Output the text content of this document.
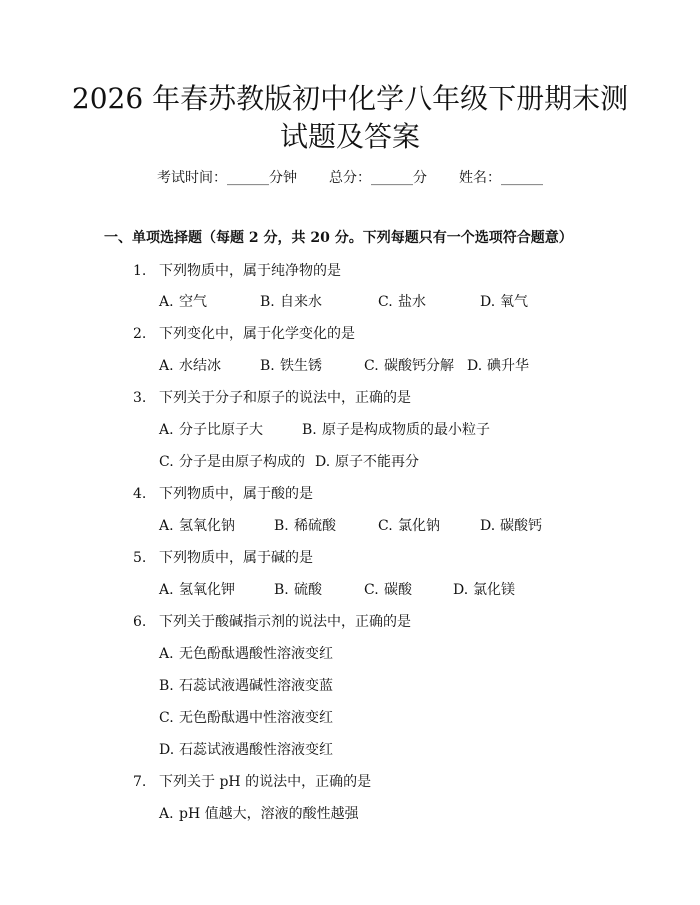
2026 年春苏教版初中化学八年级下册期末测
试题及答案
考试时间：______分钟 总分：______分 姓名：______
一、单项选择题（每题 2 分，共 20 分。下列每题只有一个选项符合题意）
1. 下列物质中，属于纯净物的是
A. 空气	B. 自来水	C. 盐水	D. 氧气
2. 下列变化中，属于化学变化的是
A. 水结冰	B. 铁生锈	C. 碳酸钙分解 D. 碘升华
3. 下列关于分子和原子的说法中，正确的是
A. 分子比原子大	B. 原子是构成物质的最小粒子
C. 分子是由原子构成的 D. 原子不能再分
4. 下列物质中，属于酸的是
A. 氢氧化钠	B. 稀硫酸	C. 氯化钠	D. 碳酸钙
5. 下列物质中，属于碱的是
A. 氢氧化钾	B. 硫酸	C. 碳酸	D. 氯化镁
6. 下列关于酸碱指示剂的说法中，正确的是
A. 无色酚酞遇酸性溶液变红
B. 石蕊试液遇碱性溶液变蓝
C. 无色酚酞遇中性溶液变红
D. 石蕊试液遇酸性溶液变红
7. 下列关于 pH 的说法中，正确的是
A. pH 值越大，溶液的酸性越强
